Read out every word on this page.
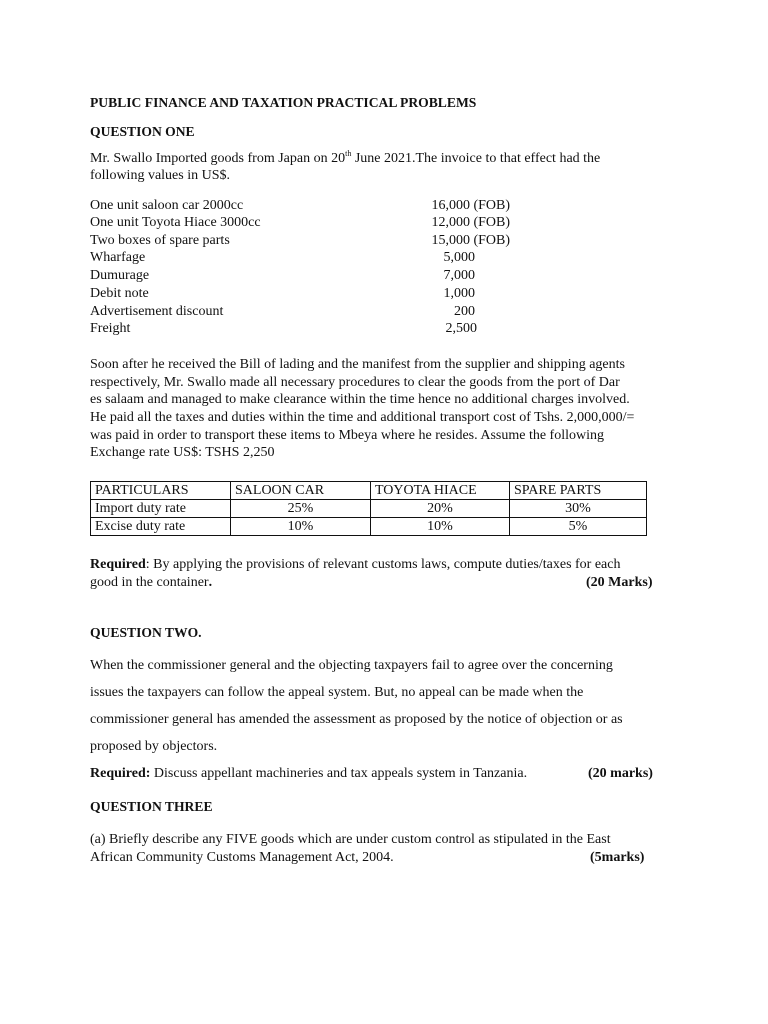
PUBLIC FINANCE AND TAXATION PRACTICAL PROBLEMS
QUESTION ONE
Mr. Swallo Imported goods from Japan on 20th June 2021.The invoice to that effect had the
following values in US$.
One unit saloon car 2000cc	16,000 (FOB)
One unit Toyota Hiace 3000cc	12,000 (FOB)
Two boxes of spare parts	15,000 (FOB)
Wharfage	5,000
Dumurage	7,000
Debit note	1,000
Advertisement discount	200
Freight	2,500
Soon after he received the Bill of lading and the manifest from the supplier and shipping agents
respectively, Mr. Swallo made all necessary procedures to clear the goods from the port of Dar
es salaam and managed to make clearance within the time hence no additional charges involved.
He paid all the taxes and duties within the time and additional transport cost of Tshs. 2,000,000/=
was paid in order to transport these items to Mbeya where he resides. Assume the following
Exchange rate US$: TSHS 2,250
PARTICULARS	SALOON CAR	TOYOTA HIACE	SPARE PARTS
Import duty rate	25%	20%	30%
Excise duty rate	10%	10%	5%
Required: By applying the provisions of relevant customs laws, compute duties/taxes for each
good in the container.	(20 Marks)
QUESTION TWO.
When the commissioner general and the objecting taxpayers fail to agree over the concerning
issues the taxpayers can follow the appeal system. But, no appeal can be made when the
commissioner general has amended the assessment as proposed by the notice of objection or as
proposed by objectors.
Required: Discuss appellant machineries and tax appeals system in Tanzania.	(20 marks)
QUESTION THREE
(a) Briefly describe any FIVE goods which are under custom control as stipulated in the East
African Community Customs Management Act, 2004.	(5marks)
